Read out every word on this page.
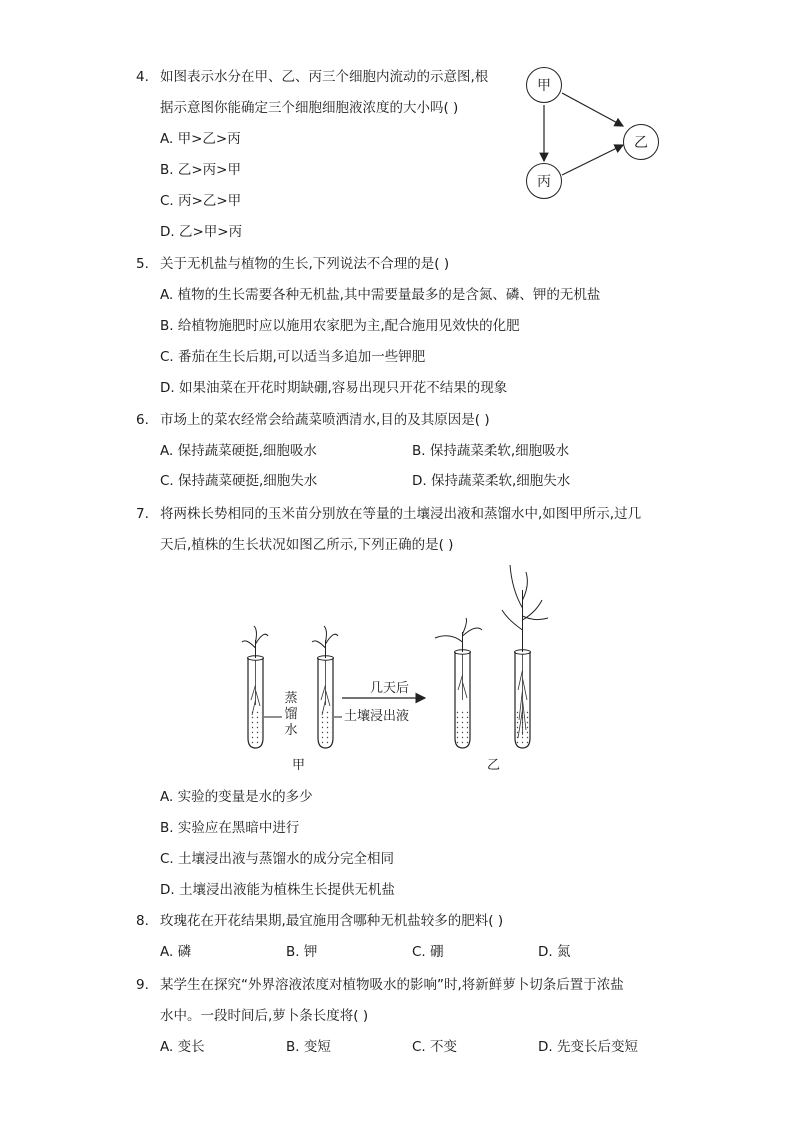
4. 如图表示水分在甲、乙、丙三个细胞内流动的示意图,根
据示意图你能确定三个细胞细胞液浓度的大小吗( )
A. 甲>乙>丙
B. 乙>丙>甲
C. 丙>乙>甲
D. 乙>甲>丙
甲
乙
丙
5. 关于无机盐与植物的生长,下列说法不合理的是( )
A. 植物的生长需要各种无机盐,其中需要量最多的是含氮、磷、钾的无机盐
B. 给植物施肥时应以施用农家肥为主,配合施用见效快的化肥
C. 番茄在生长后期,可以适当多追加一些钾肥
D. 如果油菜在开花时期缺硼,容易出现只开花不结果的现象
6. 市场上的菜农经常会给蔬菜喷洒清水,目的及其原因是( )
A. 保持蔬菜硬挺,细胞吸水	B. 保持蔬菜柔软,细胞吸水
C. 保持蔬菜硬挺,细胞失水	D. 保持蔬菜柔软,细胞失水
7. 将两株长势相同的玉米苗分别放在等量的土壤浸出液和蒸馏水中,如图甲所示,过几
天后,植株的生长状况如图乙所示,下列正确的是( )
蒸
馏
水
土壤浸出液
几天后
甲	乙
A. 实验的变量是水的多少
B. 实验应在黑暗中进行
C. 土壤浸出液与蒸馏水的成分完全相同
D. 土壤浸出液能为植株生长提供无机盐
8. 玫瑰花在开花结果期,最宜施用含哪种无机盐较多的肥料( )
A. 磷	B. 钾	C. 硼	D. 氮
9. 某学生在探究“外界溶液浓度对植物吸水的影响”时,将新鲜萝卜切条后置于浓盐
水中。一段时间后,萝卜条长度将( )
A. 变长	B. 变短	C. 不变	D. 先变长后变短
